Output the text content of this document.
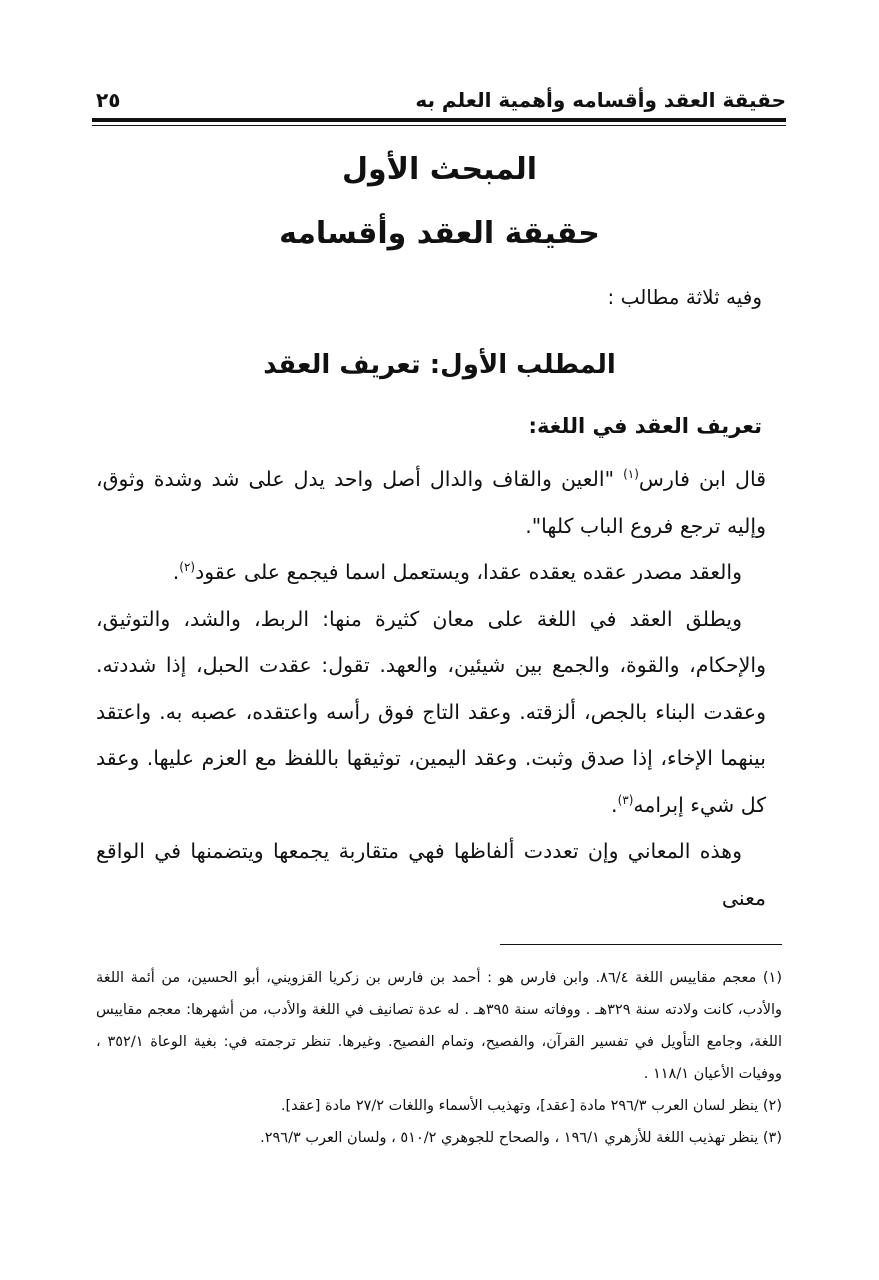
حقيقة العقد وأقسامه وأهمية العلم به
٢٥
المبحث الأول
حقيقة العقد وأقسامه
وفيه ثلاثة مطالب :
المطلب الأول: تعريف العقد
تعريف العقد في اللغة:

قال ابن فارس$^{(١)}$ "العين والقاف والدال أصل واحد يدل على شد وشدة وثوق، وإليه ترجع فروع الباب كلها".

والعقد مصدر عقده يعقده عقدا، ويستعمل اسما فيجمع على عقود$^{(٢)}$.

ويطلق العقد في اللغة على معان كثيرة منها: الربط، والشد، والتوثيق، والإحكام، والقوة، والجمع بين شيئين، والعهد. تقول: عقدت الحبل، إذا شددته. وعقدت البناء بالجص، ألزقته. وعقد التاج فوق رأسه واعتقده، عصبه به. واعتقد بينهما الإخاء، إذا صدق وثبت. وعقد اليمين، توثيقها باللفظ مع العزم عليها. وعقد كل شيء إبرامه$^{(٣)}$.

وهذه المعاني وإن تعددت ألفاظها فهي متقاربة يجمعها ويتضمنها في الواقع معنى

(١) معجم مقاييس اللغة ٨٦/٤. وابن فارس هو : أحمد بن فارس بن زكريا القزويني، أبو الحسين، من أئمة اللغة والأدب، كانت ولادته سنة ٣٢٩هـ . ووفاته سنة ٣٩٥هـ . له عدة تصانيف في اللغة والأدب، من أشهرها: معجم مقاييس اللغة، وجامع التأويل في تفسير القرآن، والفصيح، وتمام الفصيح. وغيرها. تنظر ترجمته في: بغية الوعاة ٣٥٢/١ ، ووفيات الأعيان ١١٨/١ .

(٢) ينظر لسان العرب ٢٩٦/٣ مادة [عقد]، وتهذيب الأسماء واللغات ٢٧/٢ مادة [عقد].

(٣) ينظر تهذيب اللغة للأزهري ١٩٦/١ ، والصحاح للجوهري ٥١٠/٢ ، ولسان العرب ٢٩٦/٣.
